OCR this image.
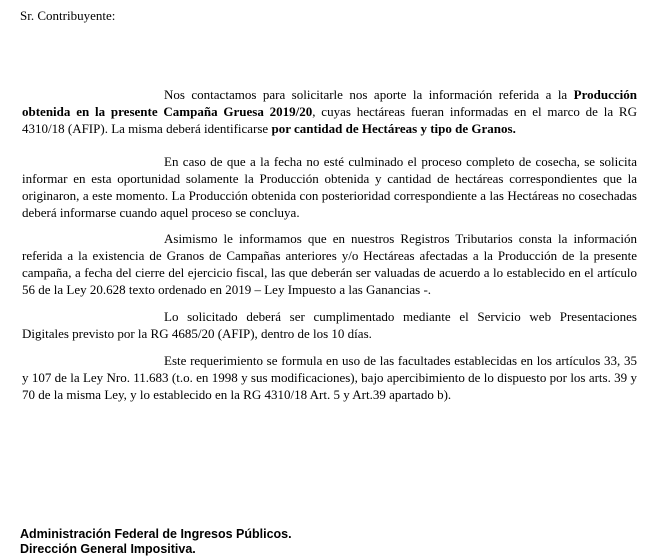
Sr. Contribuyente:
Nos contactamos para solicitarle nos aporte la información referida a la Producción obtenida en la presente Campaña Gruesa 2019/20, cuyas hectáreas fueran informadas en el marco de la RG 4310/18 (AFIP). La misma deberá identificarse por cantidad de Hectáreas y tipo de Granos.
En caso de que a la fecha no esté culminado el proceso completo de cosecha, se solicita informar en esta oportunidad solamente la Producción obtenida y cantidad de hectáreas correspondientes que la originaron, a este momento. La Producción obtenida con posterioridad correspondiente a las Hectáreas no cosechadas deberá informarse cuando aquel proceso se concluya.
Asimismo le informamos que en nuestros Registros Tributarios consta la información referida a la existencia de Granos de Campañas anteriores y/o Hectáreas afectadas a la Producción de la presente campaña, a fecha del cierre del ejercicio fiscal, las que deberán ser valuadas de acuerdo a lo establecido en el artículo 56 de la Ley 20.628 texto ordenado en 2019 – Ley Impuesto a las Ganancias -.
Lo solicitado deberá ser cumplimentado mediante el Servicio web Presentaciones Digitales previsto por la RG 4685/20 (AFIP), dentro de los 10 días.
Este requerimiento se formula en uso de las facultades establecidas en los artículos 33, 35 y 107 de la Ley Nro. 11.683 (t.o. en 1998 y sus modificaciones), bajo apercibimiento de lo dispuesto por los arts. 39 y 70 de la misma Ley, y lo establecido en la RG 4310/18 Art. 5 y Art.39 apartado b).
Administración Federal de Ingresos Públicos.
Dirección General Impositiva.
